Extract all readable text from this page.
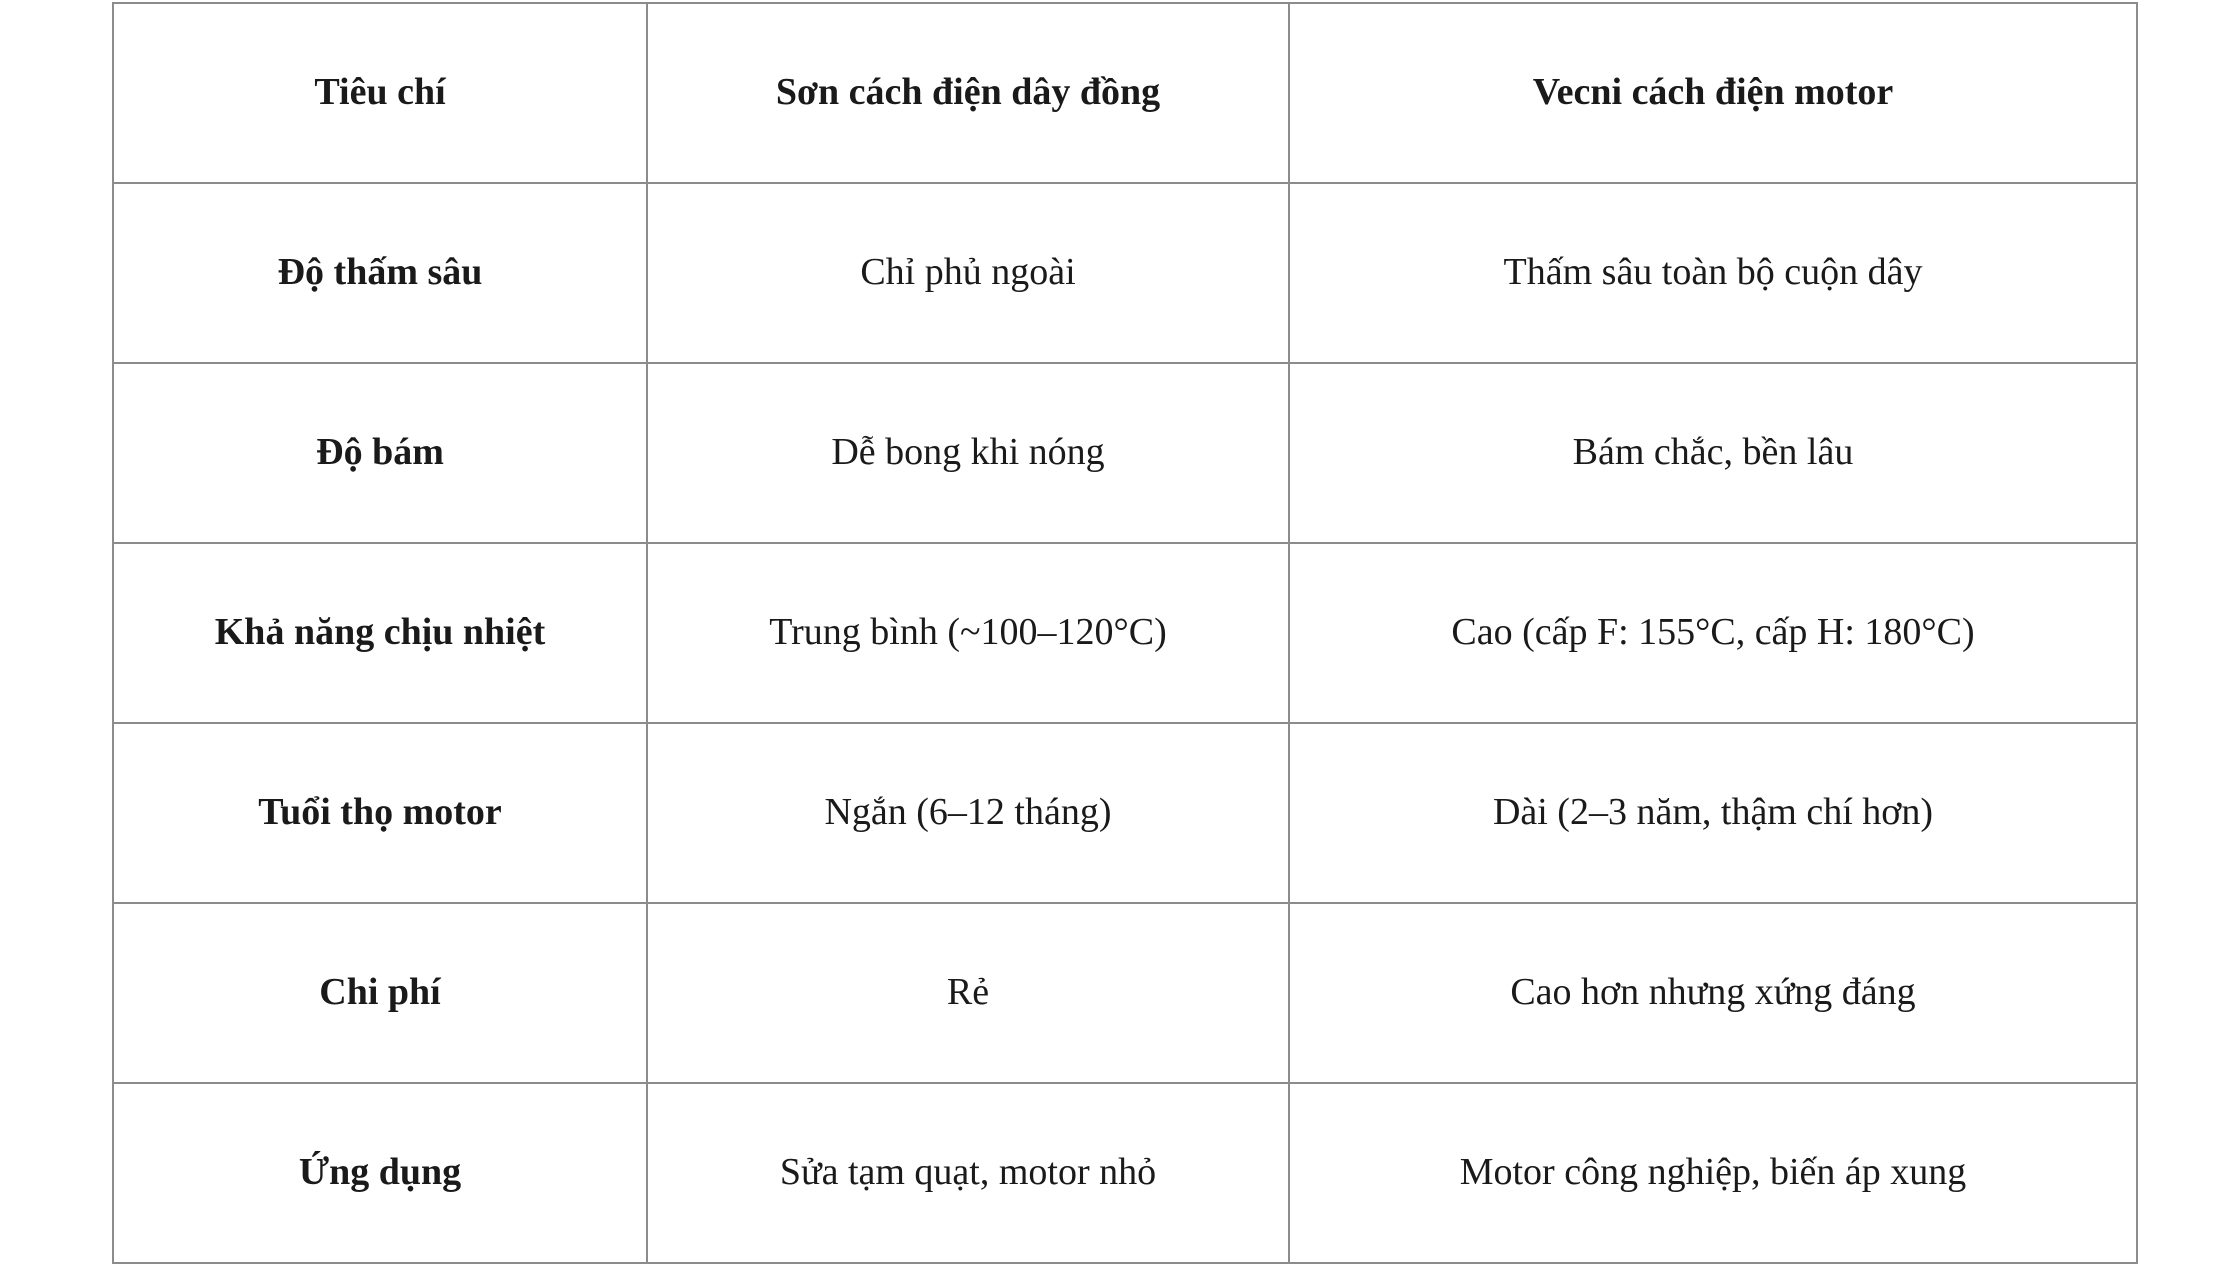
Tiêu chí	Sơn cách điện dây đồng	Vecni cách điện motor
Độ thấm sâu	Chỉ phủ ngoài	Thấm sâu toàn bộ cuộn dây
Độ bám	Dễ bong khi nóng	Bám chắc, bền lâu
Khả năng chịu nhiệt	Trung bình (~100–120°C)	Cao (cấp F: 155°C, cấp H: 180°C)
Tuổi thọ motor	Ngắn (6–12 tháng)	Dài (2–3 năm, thậm chí hơn)
Chi phí	Rẻ	Cao hơn nhưng xứng đáng
Ứng dụng	Sửa tạm quạt, motor nhỏ	Motor công nghiệp, biến áp xung
